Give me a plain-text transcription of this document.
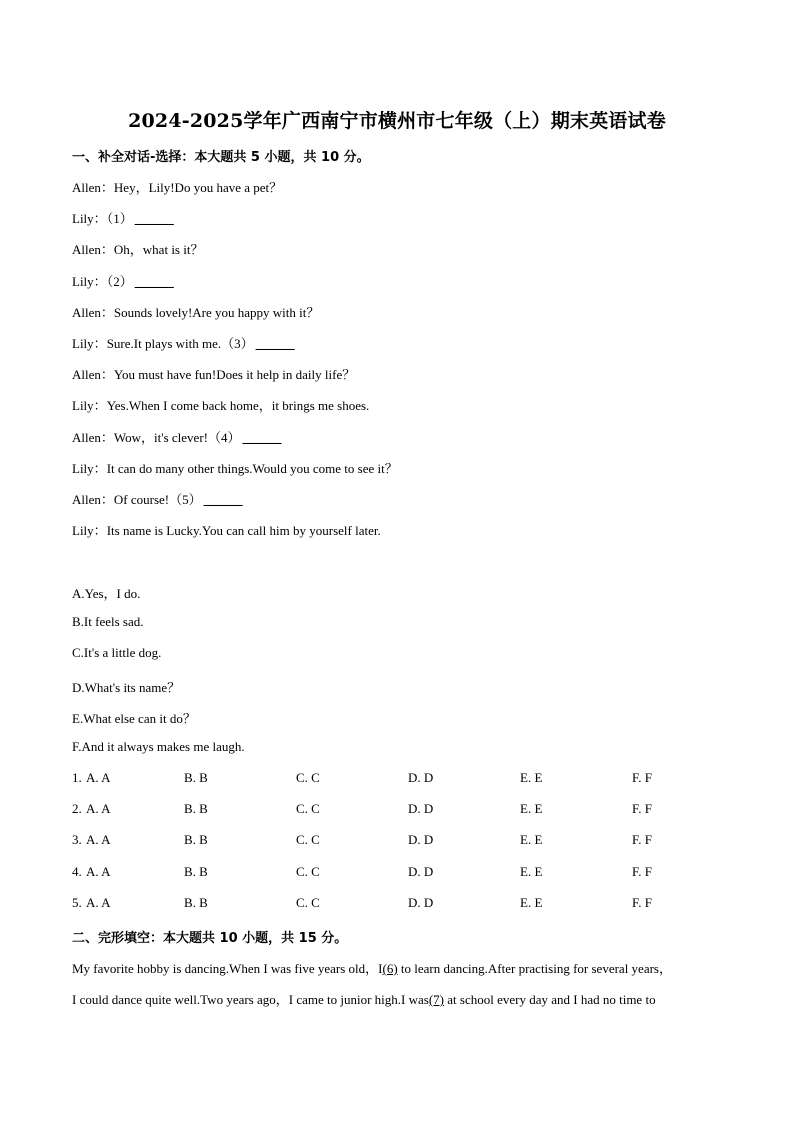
2024-2025学年广西南宁市横州市七年级（上）期末英语试卷
一、补全对话-选择：本大题共 5 小题，共 10 分。
Allen ： Hey，Lily!Do you have a pet？
Lily ： （1） ______
Allen ： Oh，what is it？
Lily ： （2） ______
Allen ： Sounds lovely!Are you happy with it？
Lily ： Sure.It plays with me.（3） ______
Allen ： You must have fun!Does it help in daily life？
Lily ： Yes.When I come back home，it brings me shoes.
Allen ： Wow，it's clever!（4） ______
Lily ： It can do many other things.Would you come to see it？
Allen ： Of course!（5） ______
Lily ： Its name is Lucky.You can call him by yourself later.
A.Yes，I do.
B.It feels sad.
C.It's a little dog.
D.What's its name？
E.What else can it do？
F.And it always makes me laugh.
1. A. A	B. B	C. C	D. D	E. E	F. F
2. A. A	B. B	C. C	D. D	E. E	F. F
3. A. A	B. B	C. C	D. D	E. E	F. F
4. A. A	B. B	C. C	D. D	E. E	F. F
5. A. A	B. B	C. C	D. D	E. E	F. F
二、完形填空：本大题共 10 小题，共 15 分。
My favorite hobby is dancing.When I was five years old，I(6) to learn dancing.After practising for several years，
I could dance quite well.Two years ago，I came to junior high.I was(7) at school every day and I had no time to
